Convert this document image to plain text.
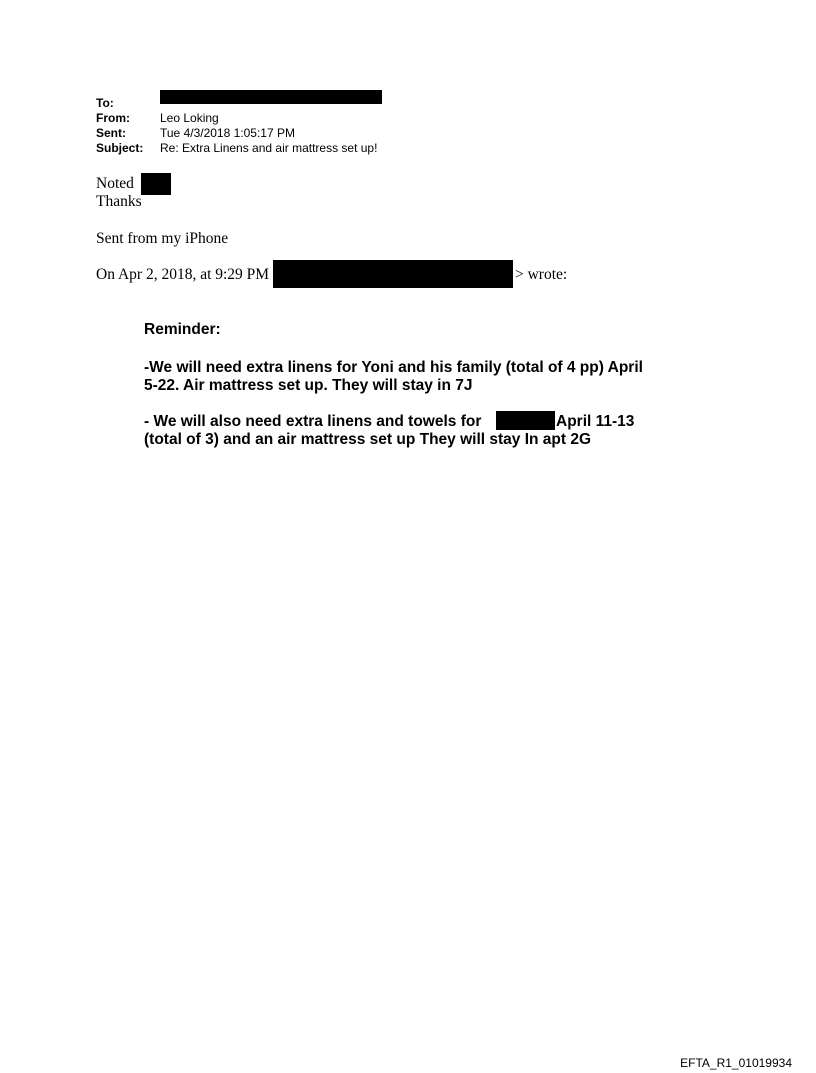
To:
From:	Leo Loking
Sent:	Tue 4/3/2018 1:05:17 PM
Subject:	Re: Extra Linens and air mattress set up!
Noted
Thanks
Sent from my iPhone
On Apr 2, 2018, at 9:29 PM	> wrote:
Reminder:
-We will need extra linens for Yoni and his family (total of 4 pp) April
5-22. Air mattress set up. They will stay in 7J
- We will also need extra linens and towels for	April 11-13
(total of 3) and an air mattress set up They will stay In apt 2G
EFTA_R1_01019934
